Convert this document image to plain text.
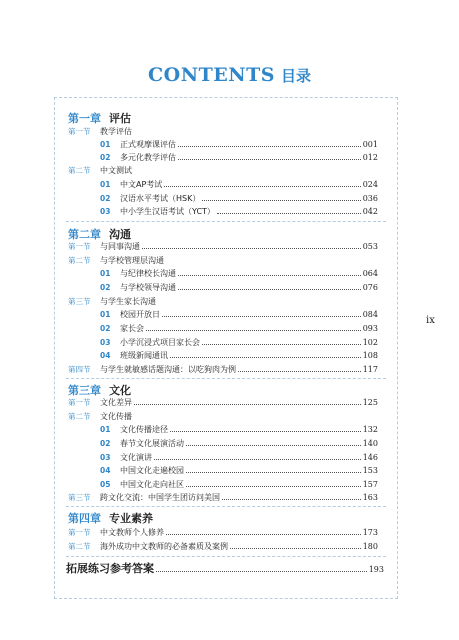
CONTENTS 目录
第一章 评估
第一节 教学评估
01 正式观摩课评估	001
02 多元化教学评估	012
第二节 中文测试
01 中文AP考试	024
02 汉语水平考试（HSK）	036
03 中小学生汉语考试（YCT）	042
第二章 沟通
第一节 与同事沟通	053
第二节 与学校管理层沟通
01 与纪律校长沟通	064
02 与学校领导沟通	076
第三节 与学生家长沟通
01 校园开放日	084
02 家长会	093
03 小学沉浸式项目家长会	102
04 班级新闻通讯	108
第四节 与学生就敏感话题沟通：以吃狗肉为例	117
第三章 文化
第一节 文化差异	125
第二节 文化传播
01 文化传播途径	132
02 春节文化展演活动	140
03 文化演讲	146
04 中国文化走遍校园	153
05 中国文化走向社区	157
第三节 跨文化交流：中国学生团访问美国	163
第四章 专业素养
第一节 中文教师个人修养	173
第二节 海外成功中文教师的必备素质及案例	180
拓展练习参考答案	193
ix
